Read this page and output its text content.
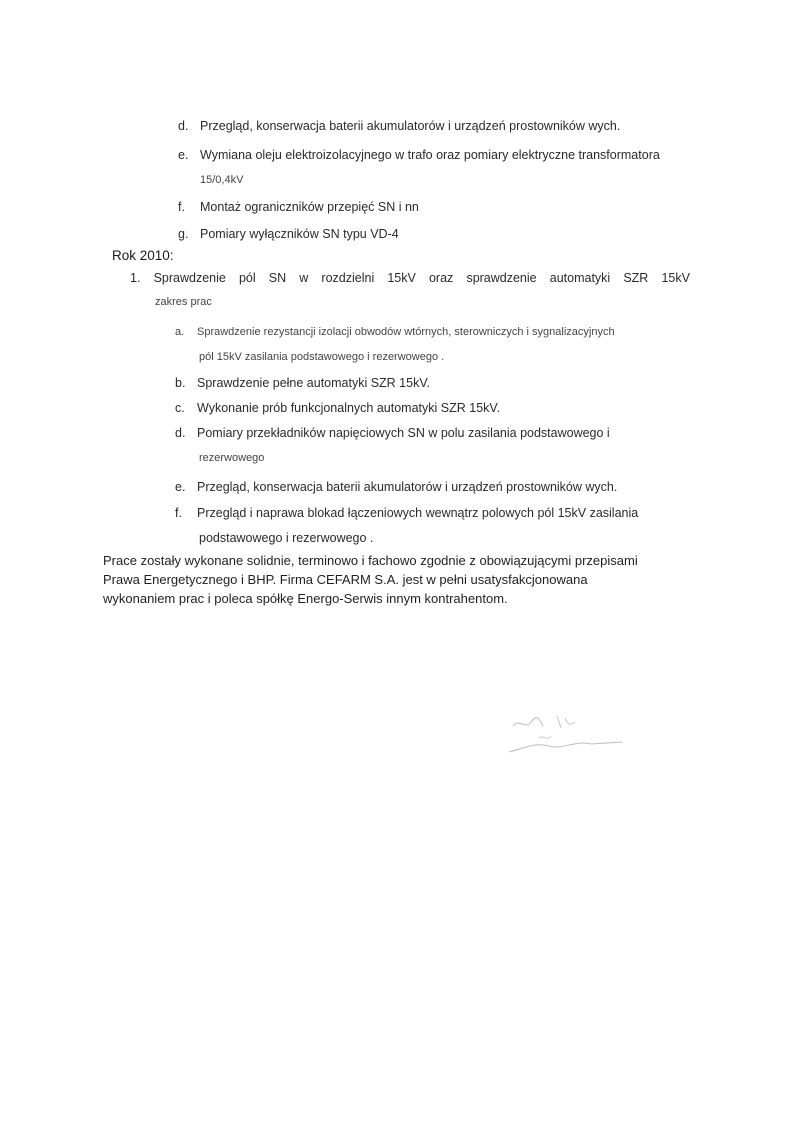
d. Przegląd, konserwacja baterii akumulatorów i urządzeń prostowników wych.
e. Wymiana oleju elektroizolacyjnego w trafo oraz pomiary elektryczne transformatora
15/0,4kV
f. Montaż ograniczników przepięć SN i nn
g. Pomiary wyłączników SN typu VD-4
Rok 2010:
1. Sprawdzenie pól SN w rozdzielni 15kV oraz sprawdzenie automatyki SZR 15kV
zakres prac
a. Sprawdzenie rezystancji izolacji obwodów wtórnych, sterowniczych i sygnalizacyjnych
pól 15kV zasilania podstawowego i rezerwowego .
b. Sprawdzenie pełne automatyki SZR 15kV.
c. Wykonanie prób funkcjonalnych automatyki SZR 15kV.
d. Pomiary przekładników napięciowych SN w polu zasilania podstawowego i
rezerwowego
e. Przegląd, konserwacja baterii akumulatorów i urządzeń prostowników wych.
f. Przegląd i naprawa blokad łączeniowych wewnątrz polowych pól 15kV zasilania
podstawowego i rezerwowego .
Prace zostały wykonane solidnie, terminowo i fachowo zgodnie z obowiązującymi przepisami
Prawa Energetycznego i BHP. Firma CEFARM S.A. jest w pełni usatysfakcjonowana
wykonaniem prac i poleca spółkę Energo-Serwis innym kontrahentom.
